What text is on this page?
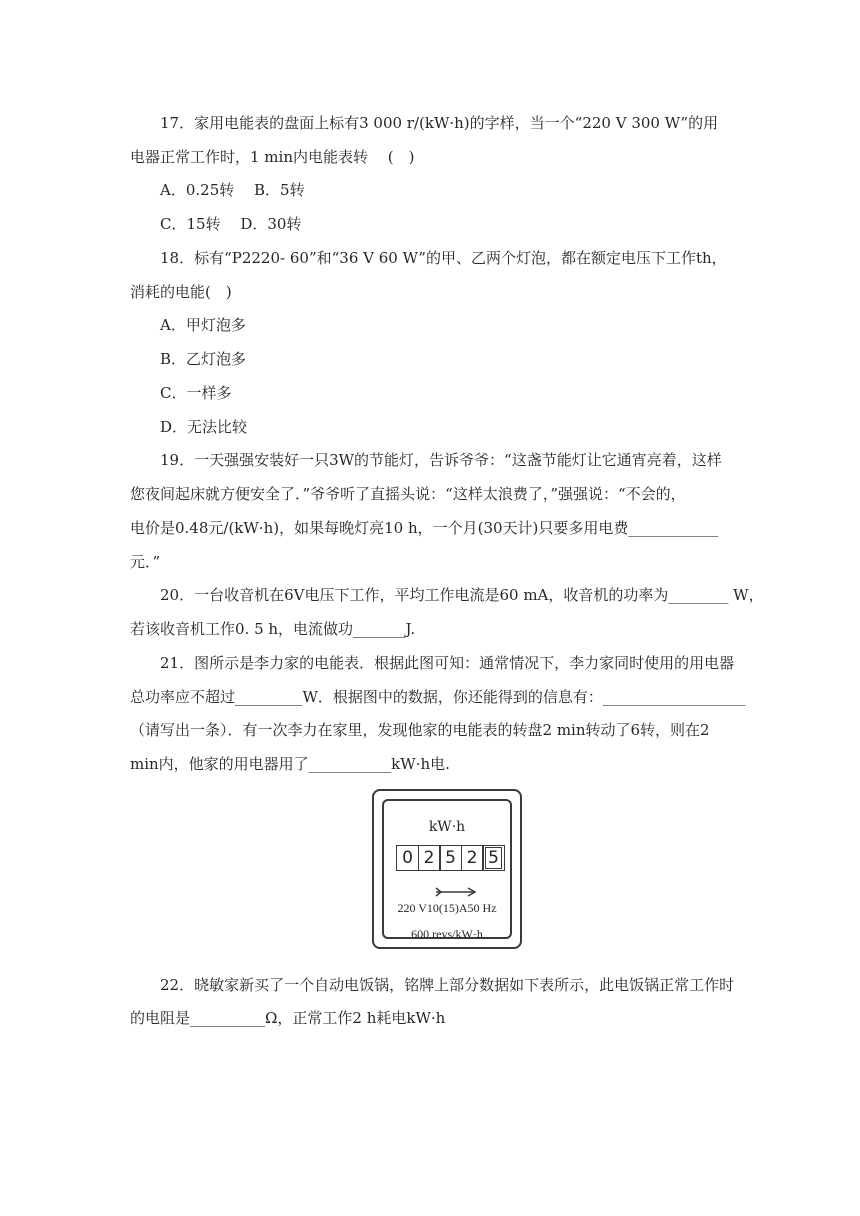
17．家用电能表的盘面上标有3 000 r/(kW·h)的字样，当一个“220 V 300 W”的用
电器正常工作时，1 min内电能表转　 (　)
A．0.25转　 B．5转
C．15转　 D．30转
18．标有“P2220- 60”和“36 V 60 W”的甲、乙两个灯泡，都在额定电压下工作th，
消耗的电能(　)
A．甲灯泡多
B．乙灯泡多
C．一样多
D．无法比较
19．一天强强安装好一只3W的节能灯，告诉爷爷：“这盏节能灯让它通宵亮着，这样
您夜间起床就方便安全了．”爷爷听了直摇头说：“这样太浪费了，”强强说：“不会的，
电价是0.48元/(kW·h)，如果每晚灯亮10 h，一个月(30天计)只要多用电费____________
元．”
20．一台收音机在6V电压下工作，平均工作电流是60 mA，收音机的功率为________ W，
若该收音机工作0. 5 h，电流做功_______J.
21．图所示是李力家的电能表．根据此图可知：通常情况下，李力家同时使用的用电器
总功率应不超过_________W．根据图中的数据，你还能得到的信息有：___________________
（请写出一条）．有一次李力在家里，发现他家的电能表的转盘2 min转动了6转，则在2
min内，他家的用电器用了___________kW·h电.
kW·h
0 2 5 2 5
220 V10(15)A50 Hz
600 revs/kW·h
22．晓敏家新买了一个自动电饭锅，铭牌上部分数据如下表所示，此电饭锅正常工作时
的电阻是__________Ω，正常工作2 h耗电kW·h
